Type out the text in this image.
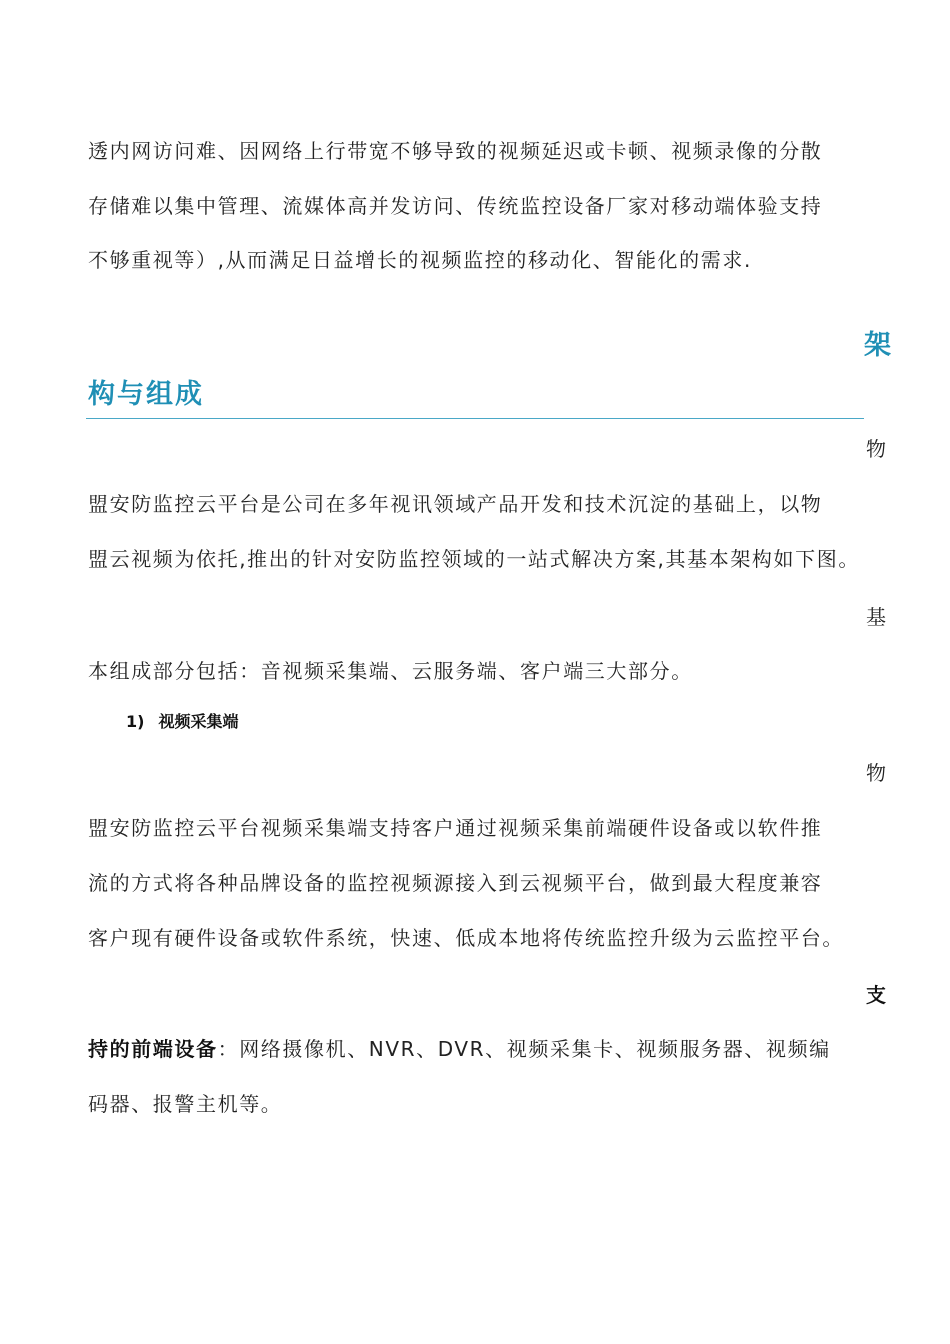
透内网访问难、因网络上行带宽不够导致的视频延迟或卡顿、视频录像的分散
存储难以集中管理、流媒体高并发访问、传统监控设备厂家对移动端体验支持
不够重视等）,从而满足日益增长的视频监控的移动化、智能化的需求.
架
构与组成
物
盟安防监控云平台是公司在多年视讯领域产品开发和技术沉淀的基础上，以物
盟云视频为依托,推出的针对安防监控领域的一站式解决方案,其基本架构如下图。
基
本组成部分包括：音视频采集端、云服务端、客户端三大部分。
1) 视频采集端
物
盟安防监控云平台视频采集端支持客户通过视频采集前端硬件设备或以软件推
流的方式将各种品牌设备的监控视频源接入到云视频平台，做到最大程度兼容
客户现有硬件设备或软件系统，快速、低成本地将传统监控升级为云监控平台。
支
持的前端设备：网络摄像机、NVR、DVR、视频采集卡、视频服务器、视频编
码器、报警主机等。
